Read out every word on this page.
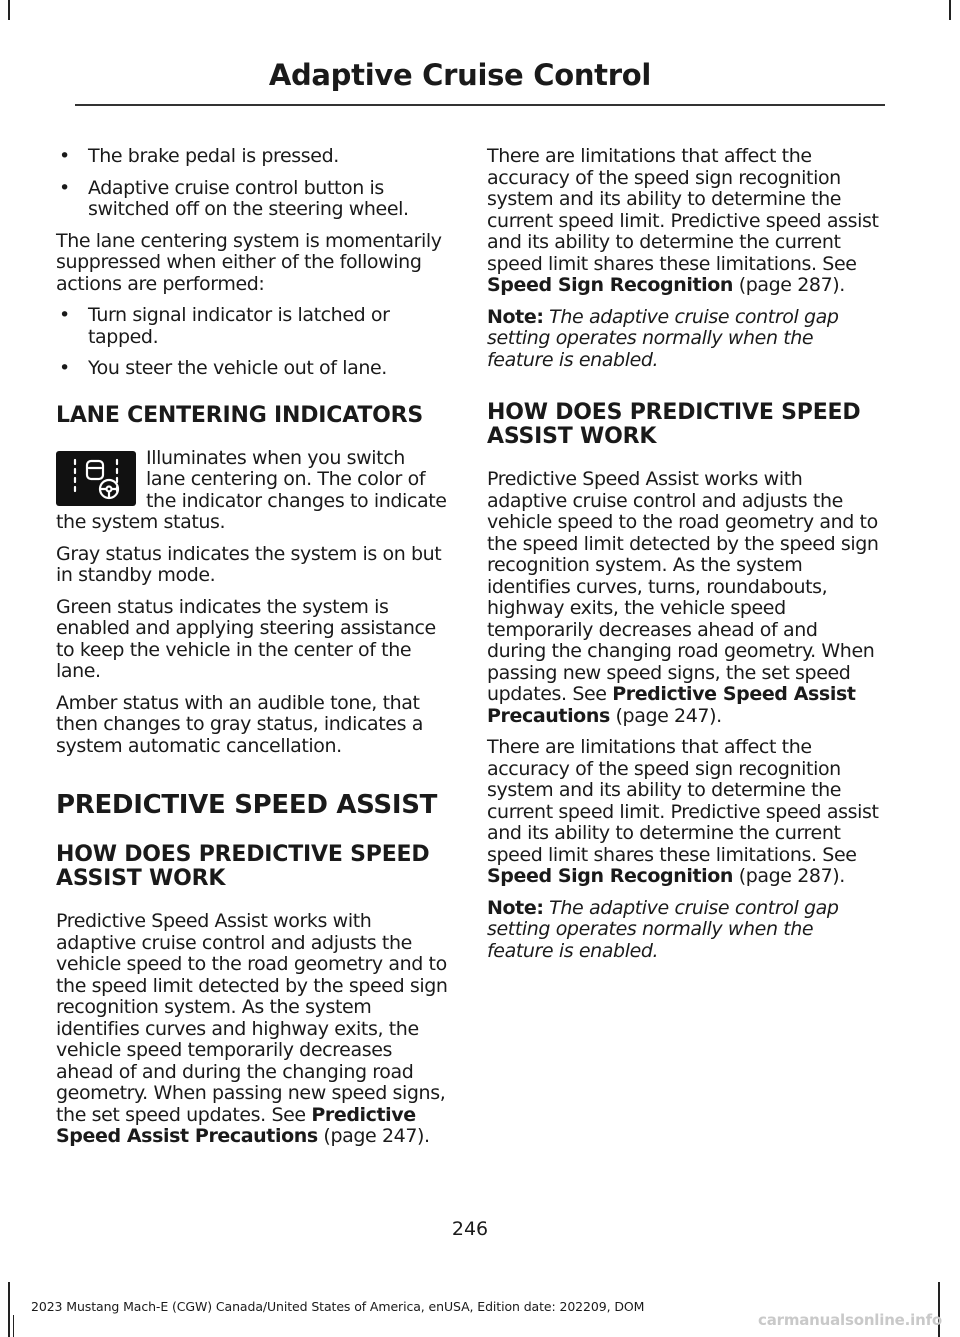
Adaptive Cruise Control
• The brake pedal is pressed.
• Adaptive cruise control button is switched off on the steering wheel.

The lane centering system is momentarily suppressed when either of the following actions are performed:

• Turn signal indicator is latched or tapped.
• You steer the vehicle out of lane.
LANE CENTERING INDICATORS

Illuminates when you switch lane centering on. The color of the indicator changes to indicate the system status.

Gray status indicates the system is on but in standby mode.

Green status indicates the system is enabled and applying steering assistance to keep the vehicle in the center of the lane.

Amber status with an audible tone, that then changes to gray status, indicates a system automatic cancellation.

PREDICTIVE SPEED ASSIST
HOW DOES PREDICTIVE SPEED ASSIST WORK

Predictive Speed Assist works with adaptive cruise control and adjusts the vehicle speed to the road geometry and to the speed limit detected by the speed sign recognition system. As the system identifies curves and highway exits, the vehicle speed temporarily decreases ahead of and during the changing road geometry. When passing new speed signs, the set speed updates. See Predictive Speed Assist Precautions (page 247).

There are limitations that affect the accuracy of the speed sign recognition system and its ability to determine the current speed limit. Predictive speed assist and its ability to determine the current speed limit shares these limitations. See Speed Sign Recognition (page 287).

Note: The adaptive cruise control gap setting operates normally when the feature is enabled.

HOW DOES PREDICTIVE SPEED ASSIST WORK

Predictive Speed Assist works with adaptive cruise control and adjusts the vehicle speed to the road geometry and to the speed limit detected by the speed sign recognition system. As the system identifies curves, turns, roundabouts, highway exits, the vehicle speed temporarily decreases ahead of and during the changing road geometry. When passing new speed signs, the set speed updates. See Predictive Speed Assist Precautions (page 247).

There are limitations that affect the accuracy of the speed sign recognition system and its ability to determine the current speed limit. Predictive speed assist and its ability to determine the current speed limit shares these limitations. See Speed Sign Recognition (page 287).

Note: The adaptive cruise control gap setting operates normally when the feature is enabled.

246
2023 Mustang Mach-E (CGW) Canada/United States of America, enUSA, Edition date: 202209, DOM
carmanualsonline.info
